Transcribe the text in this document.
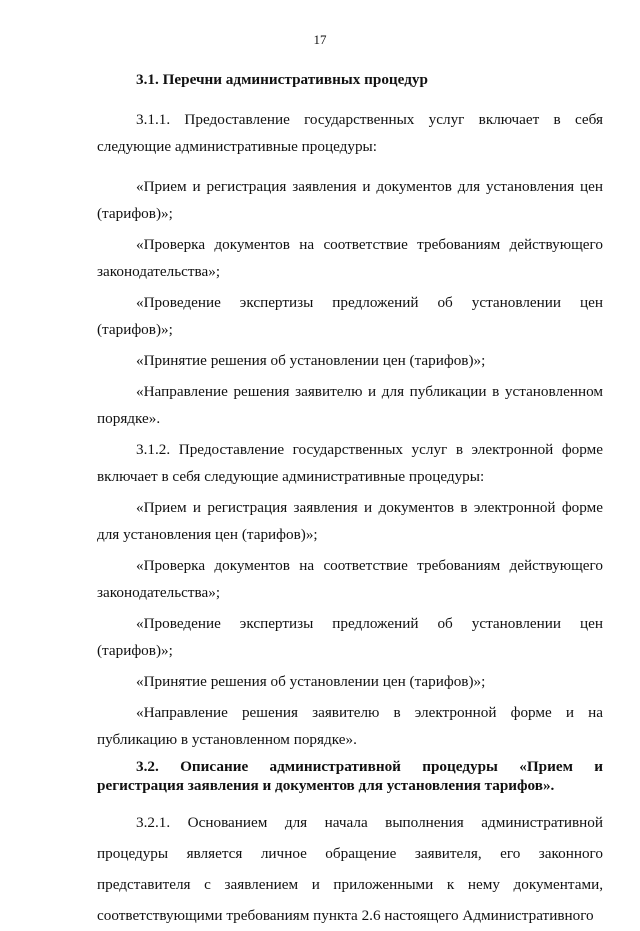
17
3.1. Перечни административных процедур

3.1.1. Предоставление государственных услуг включает в себя следующие административные процедуры:

«Прием и регистрация заявления и документов для установления цен (тарифов)»;

«Проверка документов на соответствие требованиям действующего законодательства»;

«Проведение экспертизы предложений об установлении цен (тарифов)»;

«Принятие решения об установлении цен (тарифов)»;

«Направление решения заявителю и для публикации в установленном порядке».

3.1.2. Предоставление государственных услуг в электронной форме включает в себя следующие административные процедуры:

«Прием и регистрация заявления и документов в электронной форме для установления цен (тарифов)»;

«Проверка документов на соответствие требованиям действующего законодательства»;

«Проведение экспертизы предложений об установлении цен (тарифов)»;

«Принятие решения об установлении цен (тарифов)»;

«Направление решения заявителю в электронной форме и на публикацию в установленном порядке».

3.2. Описание административной процедуры «Прием и регистрация заявления и документов для установления тарифов».

3.2.1. Основанием для начала выполнения административной процедуры является личное обращение заявителя, его законного представителя с заявлением и приложенными к нему документами, соответствующими требованиям пункта 2.6 настоящего Административного
